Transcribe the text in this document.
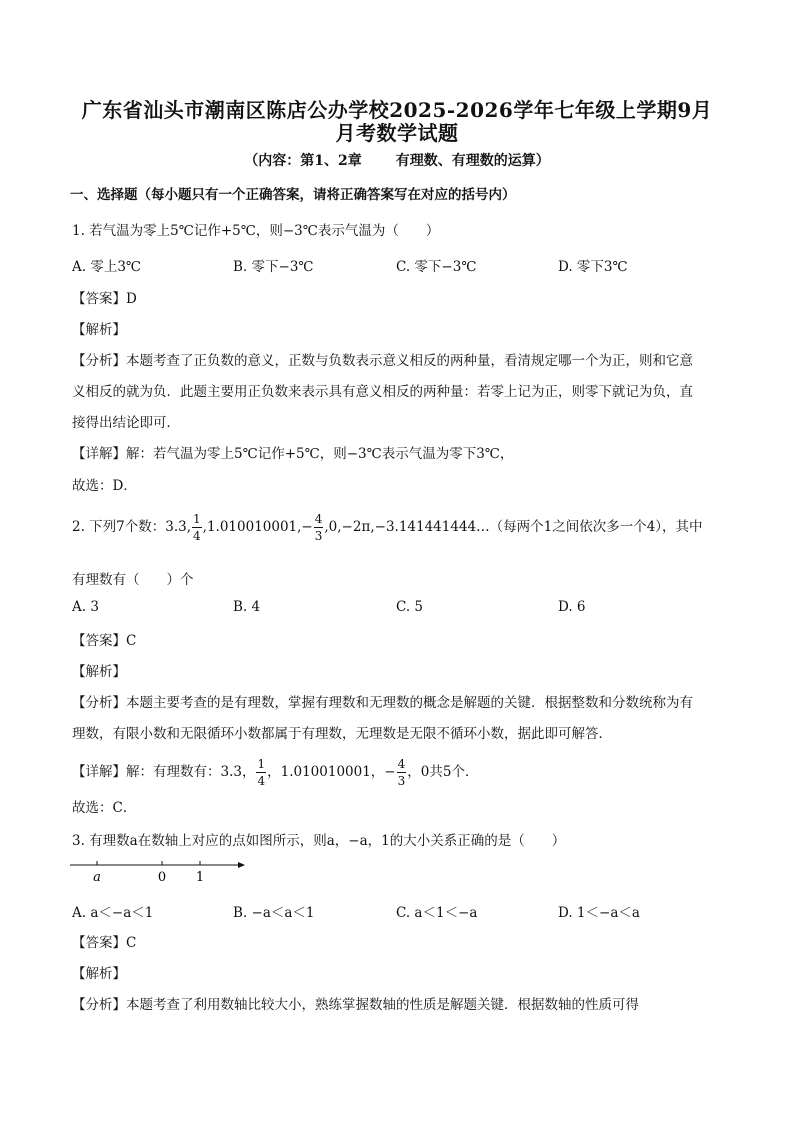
广东省汕头市潮南区陈店公办学校2025-2026学年七年级上学期9月
月考数学试题
（内容：第1、2章 有理数、有理数的运算）
一、选择题（每小题只有一个正确答案，请将正确答案写在对应的括号内）
1. 若气温为零上5℃记作+5℃，则−3℃表示气温为（　　）
A. 零上3℃	B. 零下−3℃	C. 零下−3℃	D. 零下3℃
【答案】D
【解析】
【分析】本题考查了正负数的意义，正数与负数表示意义相反的两种量，看清规定哪一个为正，则和它意
义相反的就为负．此题主要用正负数来表示具有意义相反的两种量：若零上记为正，则零下就记为负，直
接得出结论即可．
【详解】解：若气温为零上5℃记作+5℃，则−3℃表示气温为零下3℃，
故选：D．
2. 下列7个数：3.3, $\frac{1}{4} ,1.010010001,- \frac{4}{3}$ ,0,−2π,−3.141441444…（每两个1之间依次多一个4），其中
有理数有（　　）个
A. 3	B. 4	C. 5	D. 6
【答案】C
【解析】
【分析】本题主要考查的是有理数，掌握有理数和无理数的概念是解题的关键．根据整数和分数统称为有
理数，有限小数和无限循环小数都属于有理数，无理数是无限不循环小数，据此即可解答．
【详解】解：有理数有：3.3， $\frac{1}{4}$ ，1.010010001，− $\frac{4}{3}$ ，0共5个．
故选：C．
3. 有理数a在数轴上对应的点如图所示，则a，−a，1的大小关系正确的是（　　）
a	0 1
A. a＜−a＜1	B. −a＜a＜1	C. a＜1＜−a	D. 1＜−a＜a
【答案】C
【解析】
【分析】本题考查了利用数轴比较大小，熟练掌握数轴的性质是解题关键．根据数轴的性质可得
